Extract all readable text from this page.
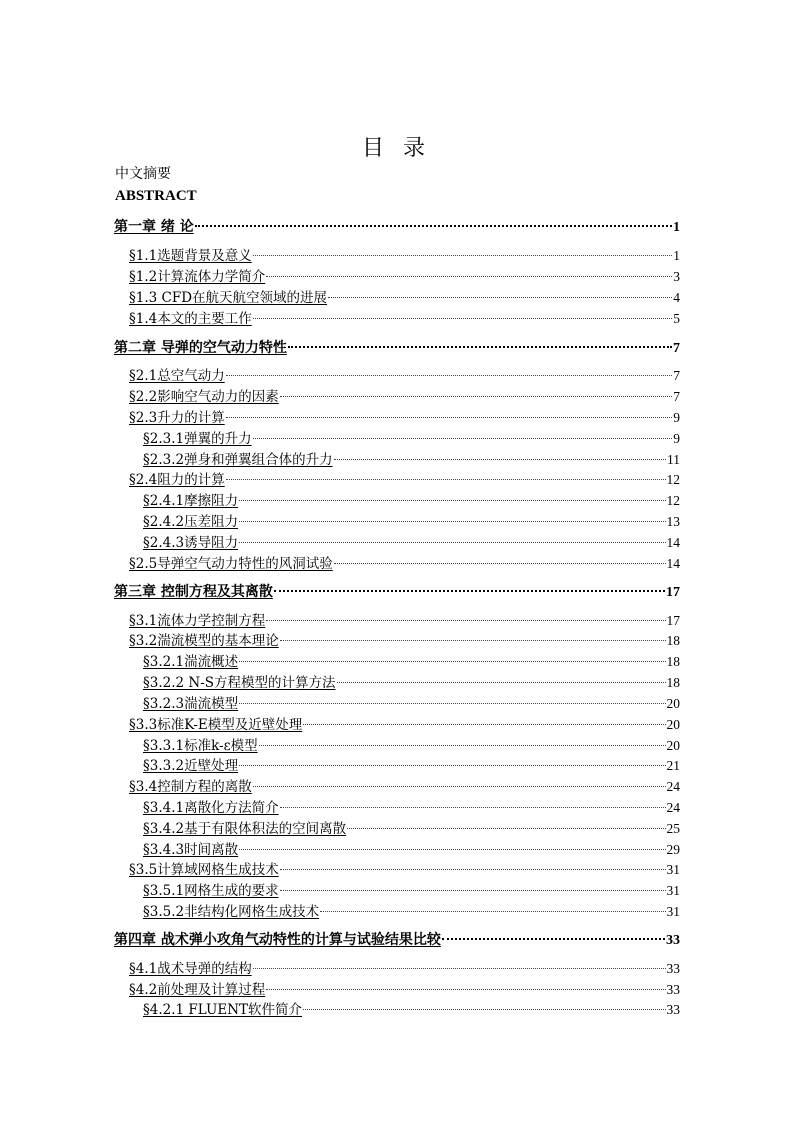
目 录
中文摘要
ABSTRACT
第一章 绪 论	1
§1.1选题背景及意义	1
§1.2计算流体力学简介	3
§1.3 CFD在航天航空领域的进展	4
§1.4本文的主要工作	5
第二章 导弹的空气动力特性	7
§2.1总空气动力	7
§2.2影响空气动力的因素	7
§2.3升力的计算	9
§2.3.1弹翼的升力	9
§2.3.2弹身和弹翼组合体的升力	11
§2.4阻力的计算	12
§2.4.1摩擦阻力	12
§2.4.2压差阻力	13
§2.4.3诱导阻力	14
§2.5导弹空气动力特性的风洞试验	14
第三章 控制方程及其离散	17
§3.1流体力学控制方程	17
§3.2湍流模型的基本理论	18
§3.2.1湍流概述	18
§3.2.2 N-S方程模型的计算方法	18
§3.2.3湍流模型	20
§3.3标准K-E模型及近壁处理	20
§3.3.1标准k-ε模型	20
§3.3.2近壁处理	21
§3.4控制方程的离散	24
§3.4.1离散化方法简介	24
§3.4.2基于有限体积法的空间离散	25
§3.4.3时间离散	29
§3.5计算域网格生成技术	31
§3.5.1网格生成的要求	31
§3.5.2非结构化网格生成技术	31
第四章 战术弹小攻角气动特性的计算与试验结果比较	33
§4.1战术导弹的结构	33
§4.2前处理及计算过程	33
§4.2.1 FLUENT软件简介	33
